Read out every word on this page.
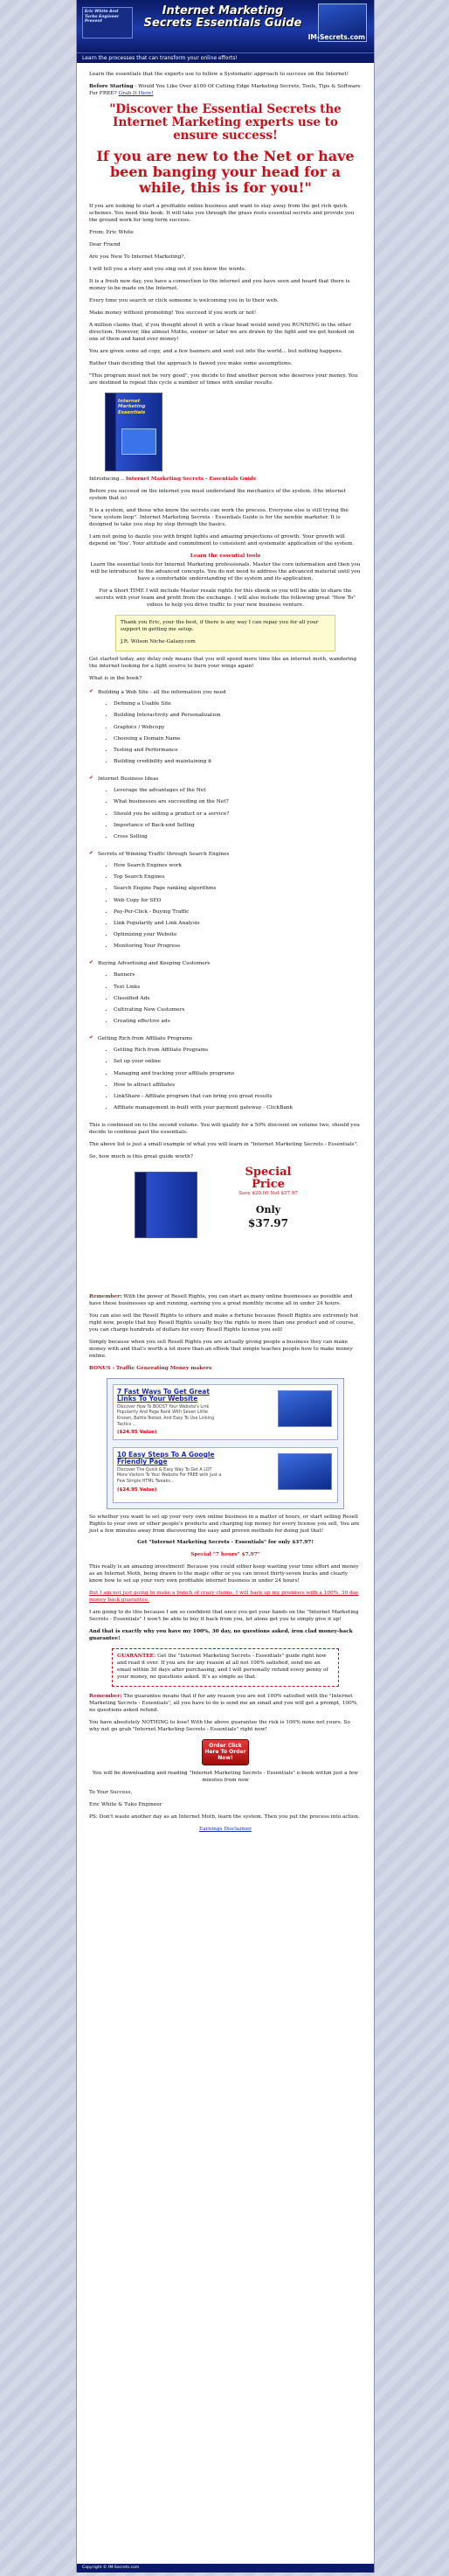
Eric White And Turbo Engineer Present
Internet Marketing Secrets Essentials Guide
IM-Secrets.com
Learn the processes that can transform your online efforts!

Learn the essentials that the experts use to follow a Systematic approach to success on the Internet!

Before Starting - Would You Like Over $100 Of Cutting Edge Marketing Secrets, Tools, Tips & Software For FREE? Grab It Here!

"Discover the Essential Secrets the Internet Marketing experts use to ensure success!
If you are new to the Net or have been banging your head for a while, this is for you!"

If you are looking to start a profitable online business and want to stay away from the get rich quick schemes. You need this book. It will take you through the grass roots essential secrets and provide you the ground work for long term success.

From: Eric White

Dear Friend

Are you New To Internet Marketing?,

I will tell you a story and you sing out if you know the words.

It is a fresh new day, you have a connection to the internet and you have seen and heard that there is money to be made on the Internet.

Every time you search or click someone is welcoming you in to their web.

Make money without promoting! You succeed if you work or not!

A million claims that, if you thought about it with a clear head would send you RUNNING in the other direction. However, like almost Moths, sooner or later we are drawn by the light and we get hooked on one of them and hand over money!

You are given some ad copy, and a few banners and sent out into the world... but nothing happens.

Rather than deciding that the approach is flawed you make some assumptions.

"This program must not be very good", you decide to find another person who deserves your money. You are destined to repeat this cycle a number of times with similar results.

Internet Marketing Essentials

Introducing... Internet Marketing Secrets - Essentials Guide

Before you succeed on the internet you must understand the mechanics of the system. (the internet system that is)

It is a system, and those who know the secrets can work the process. Everyone else is still trying the "new system loop". Internet Marketing Secrets - Essentials Guide is for the newbie marketer. It is designed to take you step by step through the basics.

I am not going to dazzle you with bright lights and amazing projections of growth. Your growth will depend on 'You'. Your attitude and commitment to consistent and systematic application of the system.

Learn the essential tools

Learn the essential tools for Internet Marketing professionals. Master the core information and then you will be introduced to the advanced concepts. You do not need to address the advanced material until you have a comfortable understanding of the system and its application.

For a Short TIME I will include Master resale rights for this ebook so you will be able to share the secrets with your team and profit from the exchange. I will also include the following great "How To" videos to help you drive traffic to your new business venture.

Thank you Eric, your the best, if there is any way I can repay you for all your support in getting me setup.

J.R. Wilson Niche-Galaxy.com

Get started today, any delay only means that you will spend more time like an internet moth, wandering the internet looking for a light source to burn your wings again!

What is in the book?

✔ Building a Web Site - all the information you need
• Defining a Usable Site
• Building Interactivity and Personalization
• Graphics / Webcopy
• Choosing a Domain Name
• Testing and Performance
• Building credibility and maintaining it
✔ Internet Business Ideas
• Leverage the advantages of the Net
• What businesses are succeeding on the Net?
• Should you be selling a product or a service?
• Importance of Back-end Selling
• Cross Selling
✔ Secrets of Winning Traffic through Search Engines
• How Search Engines work
• Top Search Engines
• Search Engine Page ranking algorithms
• Web Copy for SEO
• Pay-Per-Click - Buying Traffic
• Link Popularity and Link Analysis
• Optimizing your Website
• Monitoring Your Progress
✔ Buying Advertising and Keeping Customers
• Banners
• Text Links
• Classified Ads
• Cultivating New Customers
• Creating effective ads
✔ Getting Rich from Affiliate Programs
• Getting Rich from Affiliate Programs
• Set up your online
• Managing and tracking your affiliate programs
• How to attract affiliates
• LinkShare - Affiliate program that can bring you great results
• Affiliate management in-built with your payment gateway - ClickBank

This is continued on to the second volume. You will qualify for a 50% discount on volume two, should you decide to continue past the essentials.

The above list is just a small example of what you will learn in "Internet Marketing Secrets - Essentials".

So, how much is this great guide worth?

Special Price
Save $20.00 Not $57.97
Only
$37.97

Remember: With the power of Resell Rights, you can start as many online businesses as possible and have these businesses up and running, earning you a great monthly income all in under 24 hours.

You can also sell the Resell Rights to others and make a fortune because Resell Rights are extremely hot right now, people that buy Resell Rights usually buy the rights to more than one product and of course, you can charge hundreds of dollars for every Resell Rights license you sell!

Simply because when you sell Resell Rights you are actually giving people a business they can make money with and that's worth a lot more than an eBook that simple teaches people how to make money online.

BONUS - Traffic Generating Money makers

7 Fast Ways To Get Great Links To Your Website
Discover How To BOOST Your Website's Link Popularity And Page Rank With Seven Little Known, Battle-Tested, And Easy To Use Linking Tactics ...
($24.95 Value)
10 Easy Steps To A Google Friendly Page
Discover The Quick & Easy Way To Get A LOT More Visitors To Your Website For FREE with Just a Few Simple HTML Tweaks...
($24.95 Value)

So whether you want to set up your very own online business in a matter of hours, or start selling Resell Rights to your own or other people's products and charging top money for every license you sell, You are just a few minutes away from discovering the easy and proven methods for doing just that!

Get "Internet Marketing Secrets - Essentials" for only $37.97!

Special "7 hours" $7.97"

This really is an amazing investment! Because you could either keep wasting your time effort and money as an Internet Moth, being drawn to the magic offer or you can invest thirty-seven bucks and clearly know how to set up your very own profitable internet business in under 24 hours!

But I am not just going to make a bunch of crazy claims, I will back up my promises with a 100%, 30 day money back guarantee.

I am going to do this because I am so confident that once you get your hands on the "Internet Marketing Secrets - Essentials" I won't be able to buy it back from you, let alone get you to simply give it up!

And that is exactly why you have my 100%, 30 day, no questions asked, iron clad money-back guarantee!

GUARANTEE: Get the "Internet Marketing Secrets - Essentials" guide right now and read it over. If you are for any reason at all not 100% satisfied, send me an email within 30 days after purchasing, and I will personally refund every penny of your money, no questions asked. It's as simple as that.

Remember: The guarantee means that if for any reason you are not 100% satisfied with the "Internet Marketing Secrets - Essentials", all you have to do is send me an email and you will get a prompt, 100%, no questions asked refund.

You have absolutely NOTHING to lose! With the above guarantee the risk is 100% mine not yours. So why not go grab "Internet Marketing Secrets - Essentials" right now!

Order Click Here To Order Now!

You will be downloading and reading "Internet Marketing Secrets - Essentials" e-book within just a few minutes from now

To Your Success,

Eric White & Tuko Engineer

PS: Don't waste another day as an Internet Moth, learn the system. Then you put the process into action.

Earnings Disclaimer

Copyright © IM-Secrets.com
